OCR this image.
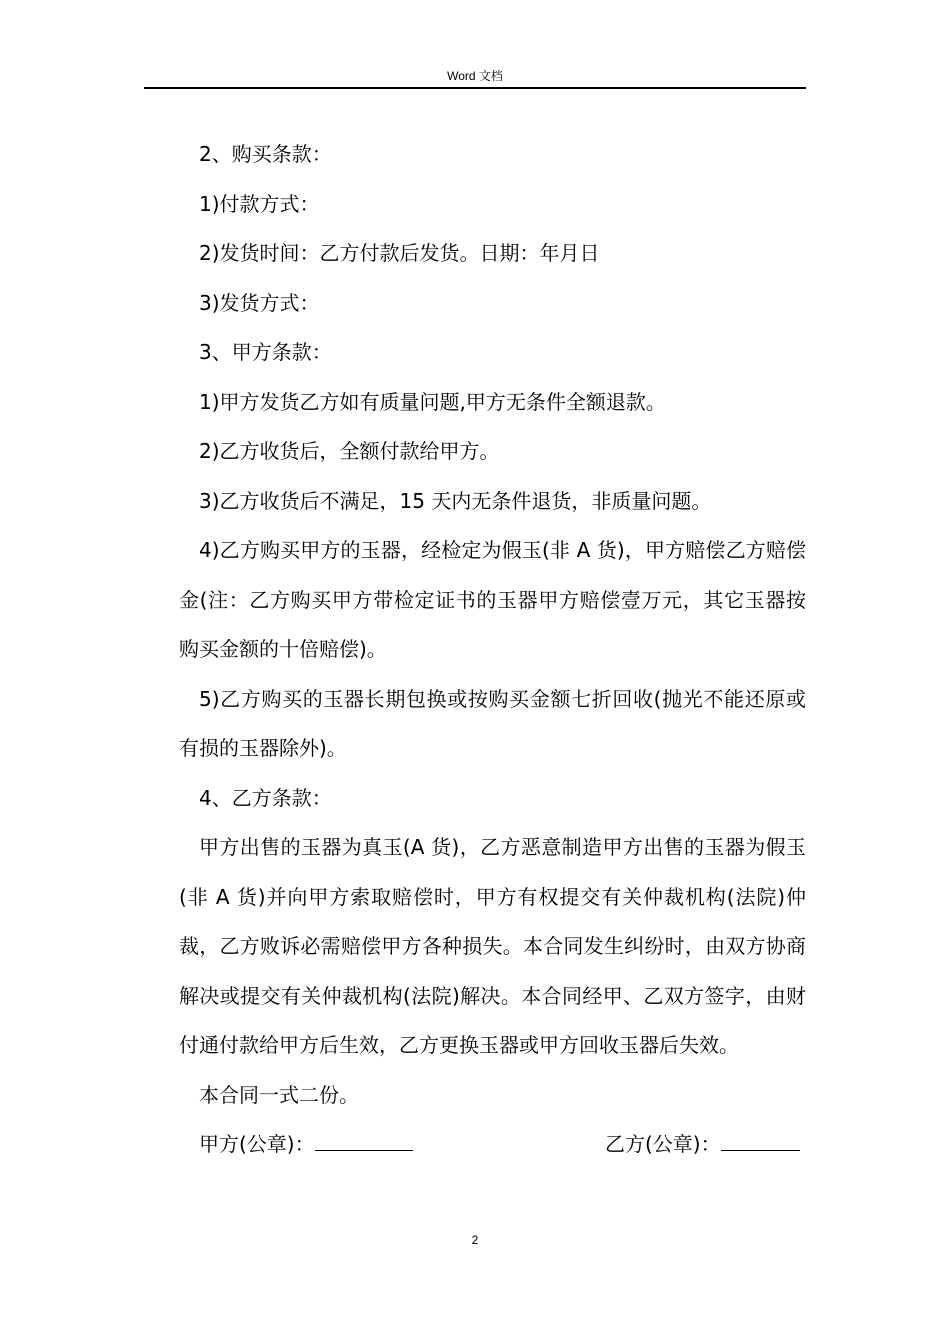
Word 文档

2、购买条款：

1)付款方式：

2)发货时间：乙方付款后发货。日期：年月日

3)发货方式：

3、甲方条款：

1)甲方发货乙方如有质量问题,甲方无条件全额退款。

2)乙方收货后，全额付款给甲方。

3)乙方收货后不满足，15 天内无条件退货，非质量问题。

4)乙方购买甲方的玉器，经检定为假玉(非 A 货)，甲方赔偿乙方赔偿金(注：乙方购买甲方带检定证书的玉器甲方赔偿壹万元，其它玉器按购买金额的十倍赔偿)。

5)乙方购买的玉器长期包换或按购买金额七折回收(抛光不能还原或有损的玉器除外)。

4、乙方条款：

甲方出售的玉器为真玉(A 货)，乙方恶意制造甲方出售的玉器为假玉(非 A 货)并向甲方索取赔偿时，甲方有权提交有关仲裁机构(法院)仲裁，乙方败诉必需赔偿甲方各种损失。本合同发生纠纷时，由双方协商解决或提交有关仲裁机构(法院)解决。本合同经甲、乙双方签字，由财付通付款给甲方后生效，乙方更换玉器或甲方回收玉器后失效。

本合同一式二份。

甲方(公章)：	乙方(公章)：
2
